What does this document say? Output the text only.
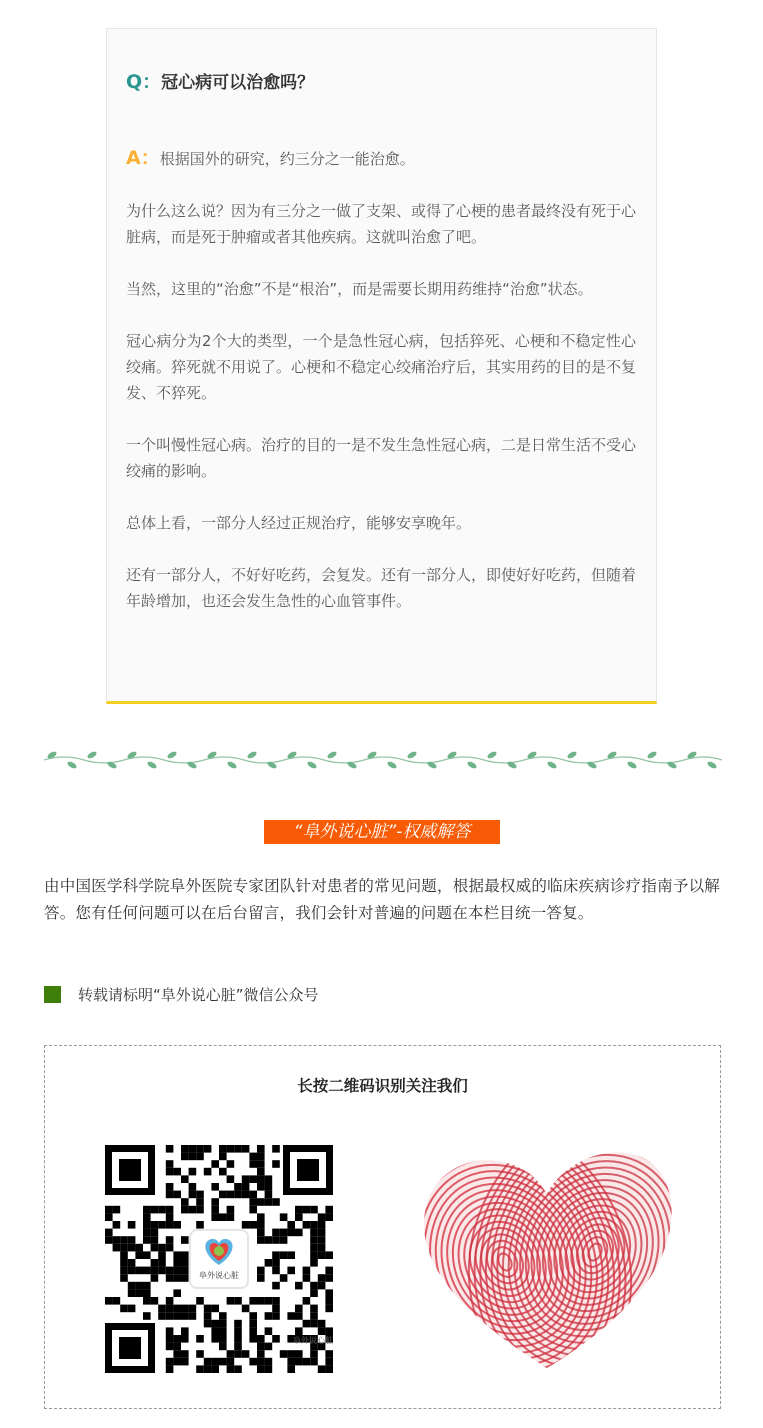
Q：冠心病可以治愈吗？

A：根据国外的研究，约三分之一能治愈。

为什么这么说？因为有三分之一做了支架、或得了心梗的患者最终没有死于心脏病，而是死于肿瘤或者其他疾病。这就叫治愈了吧。

当然，这里的“治愈”不是“根治”，而是需要长期用药维持“治愈”状态。

冠心病分为2个大的类型，一个是急性冠心病，包括猝死、心梗和不稳定性心绞痛。猝死就不用说了。心梗和不稳定心绞痛治疗后，其实用药的目的是不复发、不猝死。

一个叫慢性冠心病。治疗的目的一是不发生急性冠心病，二是日常生活不受心绞痛的影响。

总体上看，一部分人经过正规治疗，能够安享晚年。

还有一部分人，不好好吃药，会复发。还有一部分人，即使好好吃药，但随着年龄增加，也还会发生急性的心血管事件。

“阜外说心脏”-权威解答

由中国医学科学院阜外医院专家团队针对患者的常见问题，根据最权威的临床疾病诊疗指南予以解答。您有任何问题可以在后台留言，我们会针对普遍的问题在本栏目统一答复。

转载请标明“阜外说心脏”微信公众号
长按二维码识别关注我们
阜外说心脏
阜外说心脏
